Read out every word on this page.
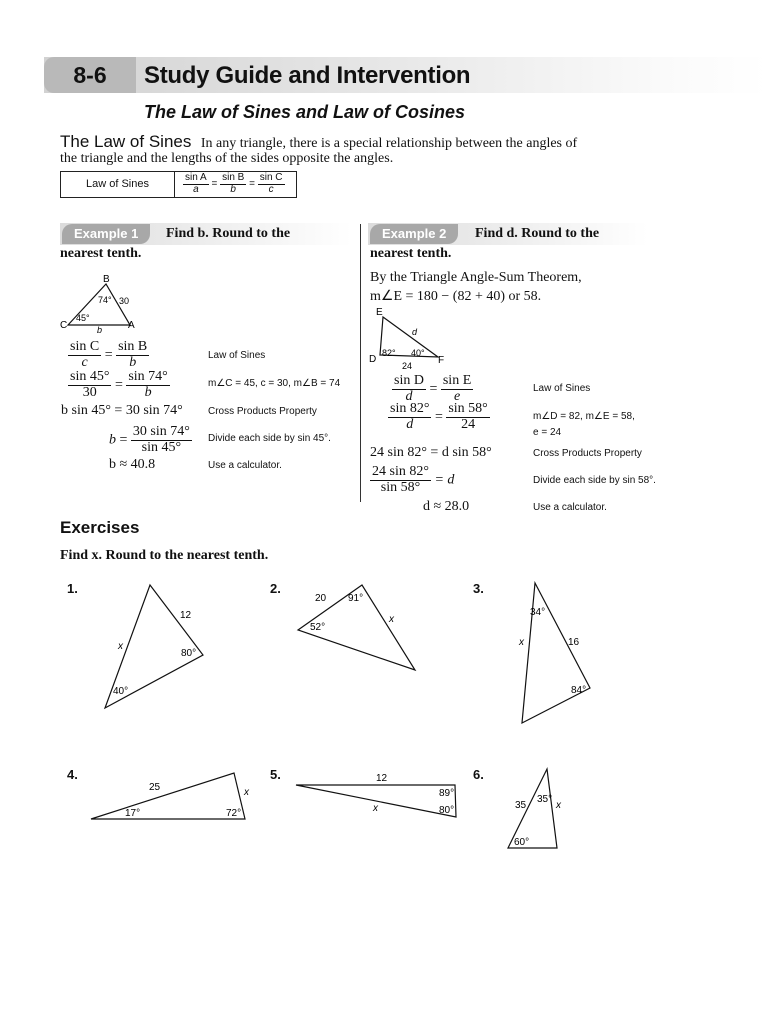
8-6	Study Guide and Intervention
The Law of Sines and Law of Cosines
The Law of Sines In any triangle, there is a special relationship between the angles of
the triangle and the lengths of the sides opposite the angles.
Law of Sines	$\frac{\text{sin A}}{a} = \frac{\text{sin B}}{b} = \frac{\text{sin C}}{c}$
Example 1	Find b. Round to the
nearest tenth.
B
C	A
74°
45°
30
b
$\frac{\text{sin C}}{c} = \frac{\text{sin B}}{b}$	Law of Sines
$\frac{\sin 45^\circ}{30} = \frac{\sin 74^\circ}{b}$	m∠C = 45, c = 30, m∠B = 74
b sin 45° = 30 sin 74°	Cross Products Property
$b = \frac{30 \sin 74^\circ}{\sin 45^\circ}$ Divide each side by sin 45°.
b ≈ 40.8	Use a calculator.
Example 2	Find d. Round to the
nearest tenth.
By the Triangle Angle-Sum Theorem,
m∠E = 180 − (82 + 40) or 58.
E
D	F
82° 40°
d
24
$\frac{\text{sin D}}{d} = \frac{\text{sin E}}{e}$	Law of Sines
$\frac{\sin 82^\circ}{d} = \frac{\sin 58^\circ}{24}$	m∠D = 82, m∠E = 58,
e = 24
24 sin 82° = d sin 58°	Cross Products Property
$\frac{24 \sin 82^\circ}{\sin 58^\circ} = d$	Divide each side by sin 58°.
d ≈ 28.0	Use a calculator.
Exercises
Find x. Round to the nearest tenth.
1.
12
x
80°
40°
2.
20 91°
x
52°
3.
34°
x	16
84°
4.
25	x
17°	72°
5.	12
89°
x	80°
6.
35
35°
x
60°
